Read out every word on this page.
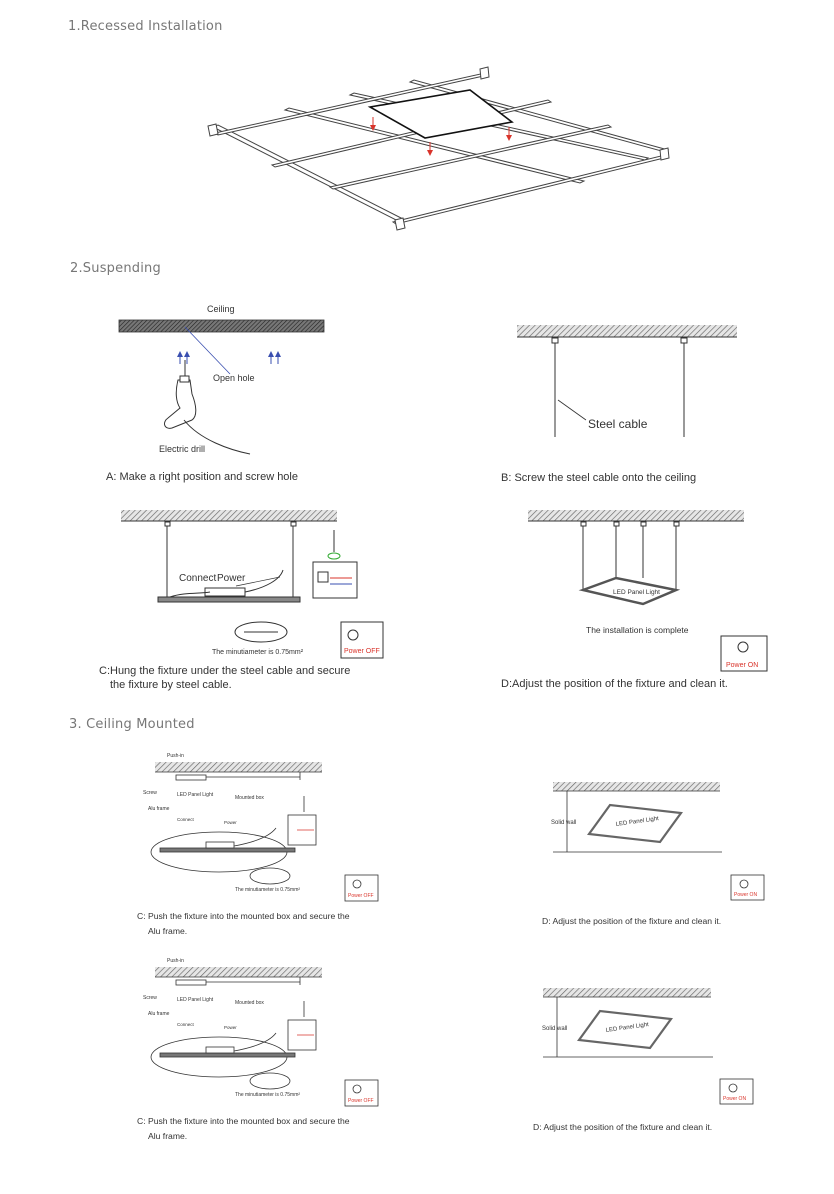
Ceiling
Open hole
Electric drill
A: Make a right position and screw hole
Steel cable
B: Screw the steel cable onto the ceiling
Connect Power
The minutiameter is 0.75mm²	Power OFF
C:Hung the fixture under the steel cable and secure
the fixture by steel cable.
LED Panel Light
The installation is complete
Power ON
D:Adjust the position of the fixture and clean it.
Push-in
Screw
Alu frame
LED Panel Light	Mounted box
Connect
Power
The minutiameter is 0.75mm²
Power OFF
C: Push the fixture into the mounted box and secure the
Alu frame.
Solid wall	LED Panel Light
Power ON
D: Adjust the position of the fixture and clean it.
Push-in
Screw
Alu frame
LED Panel Light	Mounted box
Connect
Power
The minutiameter is 0.75mm²
Power OFF
C: Push the fixture into the mounted box and secure the
Alu frame.
Solid wall	LED Panel Light
Power ON
D: Adjust the position of the fixture and clean it.
1.Recessed Installation
2.Suspending
3. Ceiling Mounted
